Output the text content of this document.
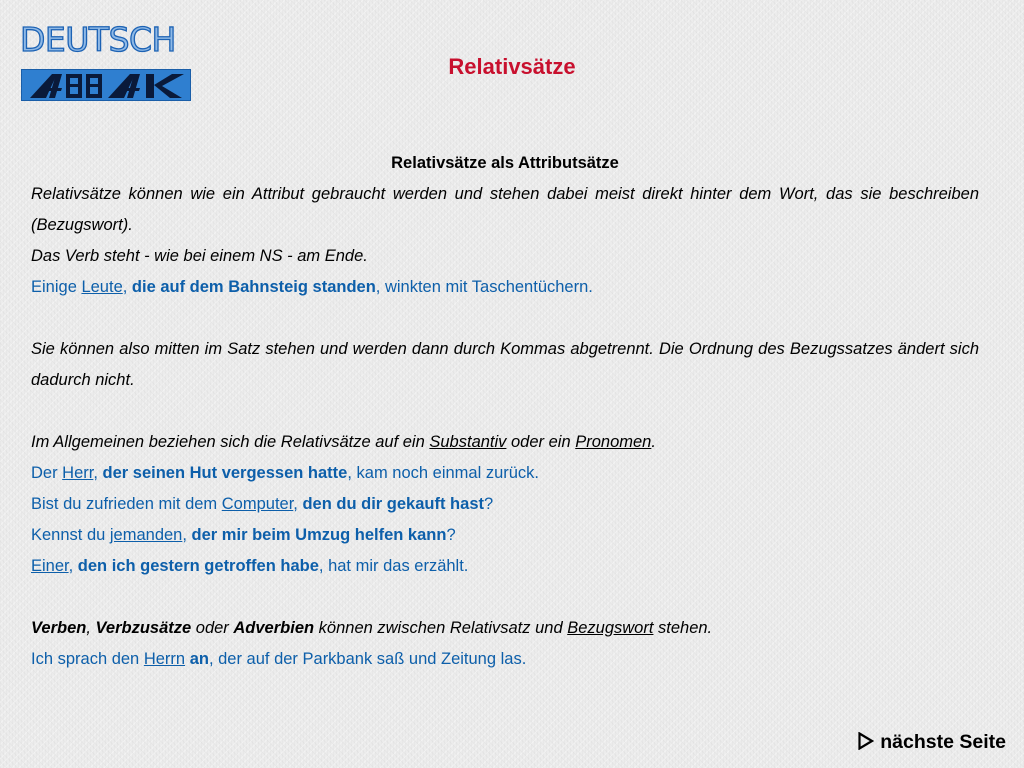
DEUTSCH
Relativsätze

Relativsätze als Attributsätze

Relativsätze können wie ein Attribut gebraucht werden und stehen dabei meist direkt hinter dem Wort, das sie beschreiben (Bezugswort).

Das Verb steht - wie bei einem NS - am Ende.

Einige Leute, die auf dem Bahnsteig standen, winkten mit Taschentüchern.

Sie können also mitten im Satz stehen und werden dann durch Kommas abgetrennt. Die Ordnung des Bezugssatzes ändert sich dadurch nicht.

Im Allgemeinen beziehen sich die Relativsätze auf ein Substantiv oder ein Pronomen.

Der Herr, der seinen Hut vergessen hatte, kam noch einmal zurück.

Bist du zufrieden mit dem Computer, den du dir gekauft hast?

Kennst du jemanden, der mir beim Umzug helfen kann?

Einer, den ich gestern getroffen habe, hat mir das erzählt.

Verben, Verbzusätze oder Adverbien können zwischen Relativsatz und Bezugswort stehen.

Ich sprach den Herrn an, der auf der Parkbank saß und Zeitung las.

nächste Seite
